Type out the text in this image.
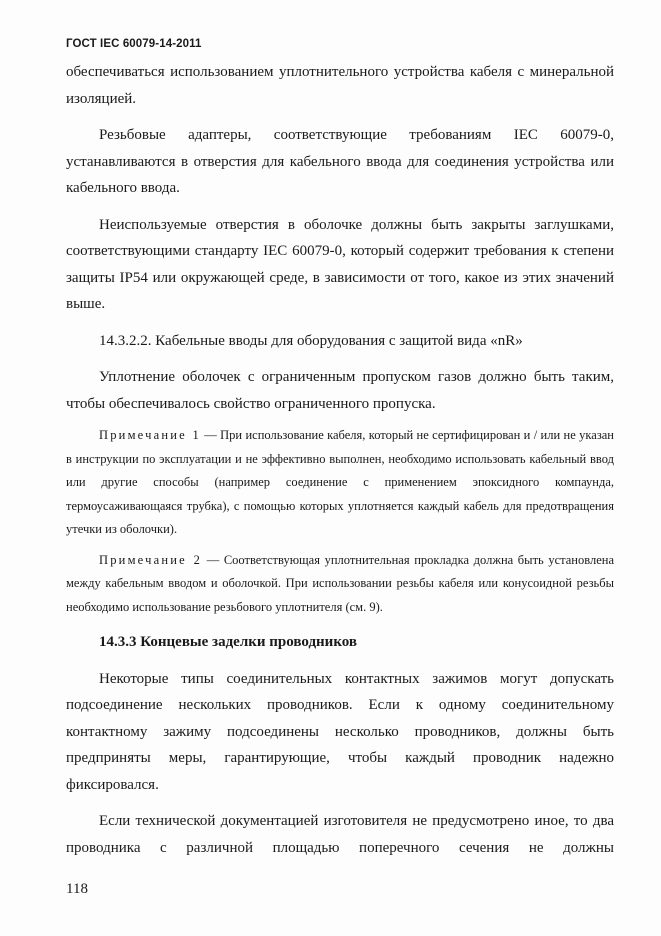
ГОСТ IEC 60079-14-2011

обеспечиваться использованием уплотнительного устройства кабеля с минеральной изоляцией.

Резьбовые адаптеры, соответствующие требованиям IEC 60079-0, устанавливаются в отверстия для кабельного ввода для соединения устройства или кабельного ввода.

Неиспользуемые отверстия в оболочке должны быть закрыты заглушками, соответствующими стандарту IEC 60079-0, который содержит требования к степени защиты IP54 или окружающей среде, в зависимости от того, какое из этих значений выше.

14.3.2.2. Кабельные вводы для оборудования с защитой вида «nR»

Уплотнение оболочек с ограниченным пропуском газов должно быть таким, чтобы обеспечивалось свойство ограниченного пропуска.

Примечание 1 — При использование кабеля, который не сертифицирован и / или не указан в инструкции по эксплуатации и не эффективно выполнен, необходимо использовать кабельный ввод или другие способы (например соединение с применением эпоксидного компаунда, термоусаживающаяся трубка), с помощью которых уплотняется каждый кабель для предотвращения утечки из оболочки).

Примечание 2 — Соответствующая уплотнительная прокладка должна быть установлена между кабельным вводом и оболочкой. При использовании резьбы кабеля или конусоидной резьбы необходимо использование резьбового уплотнителя (см. 9).

14.3.3 Концевые заделки проводников

Некоторые типы соединительных контактных зажимов могут допускать подсоединение нескольких проводников. Если к одному соединительному контактному зажиму подсоединены несколько проводников, должны быть предприняты меры, гарантирующие, чтобы каждый проводник надежно фиксировался.

Если технической документацией изготовителя не предусмотрено иное, то два проводника с различной площадью поперечного сечения не должны

118
